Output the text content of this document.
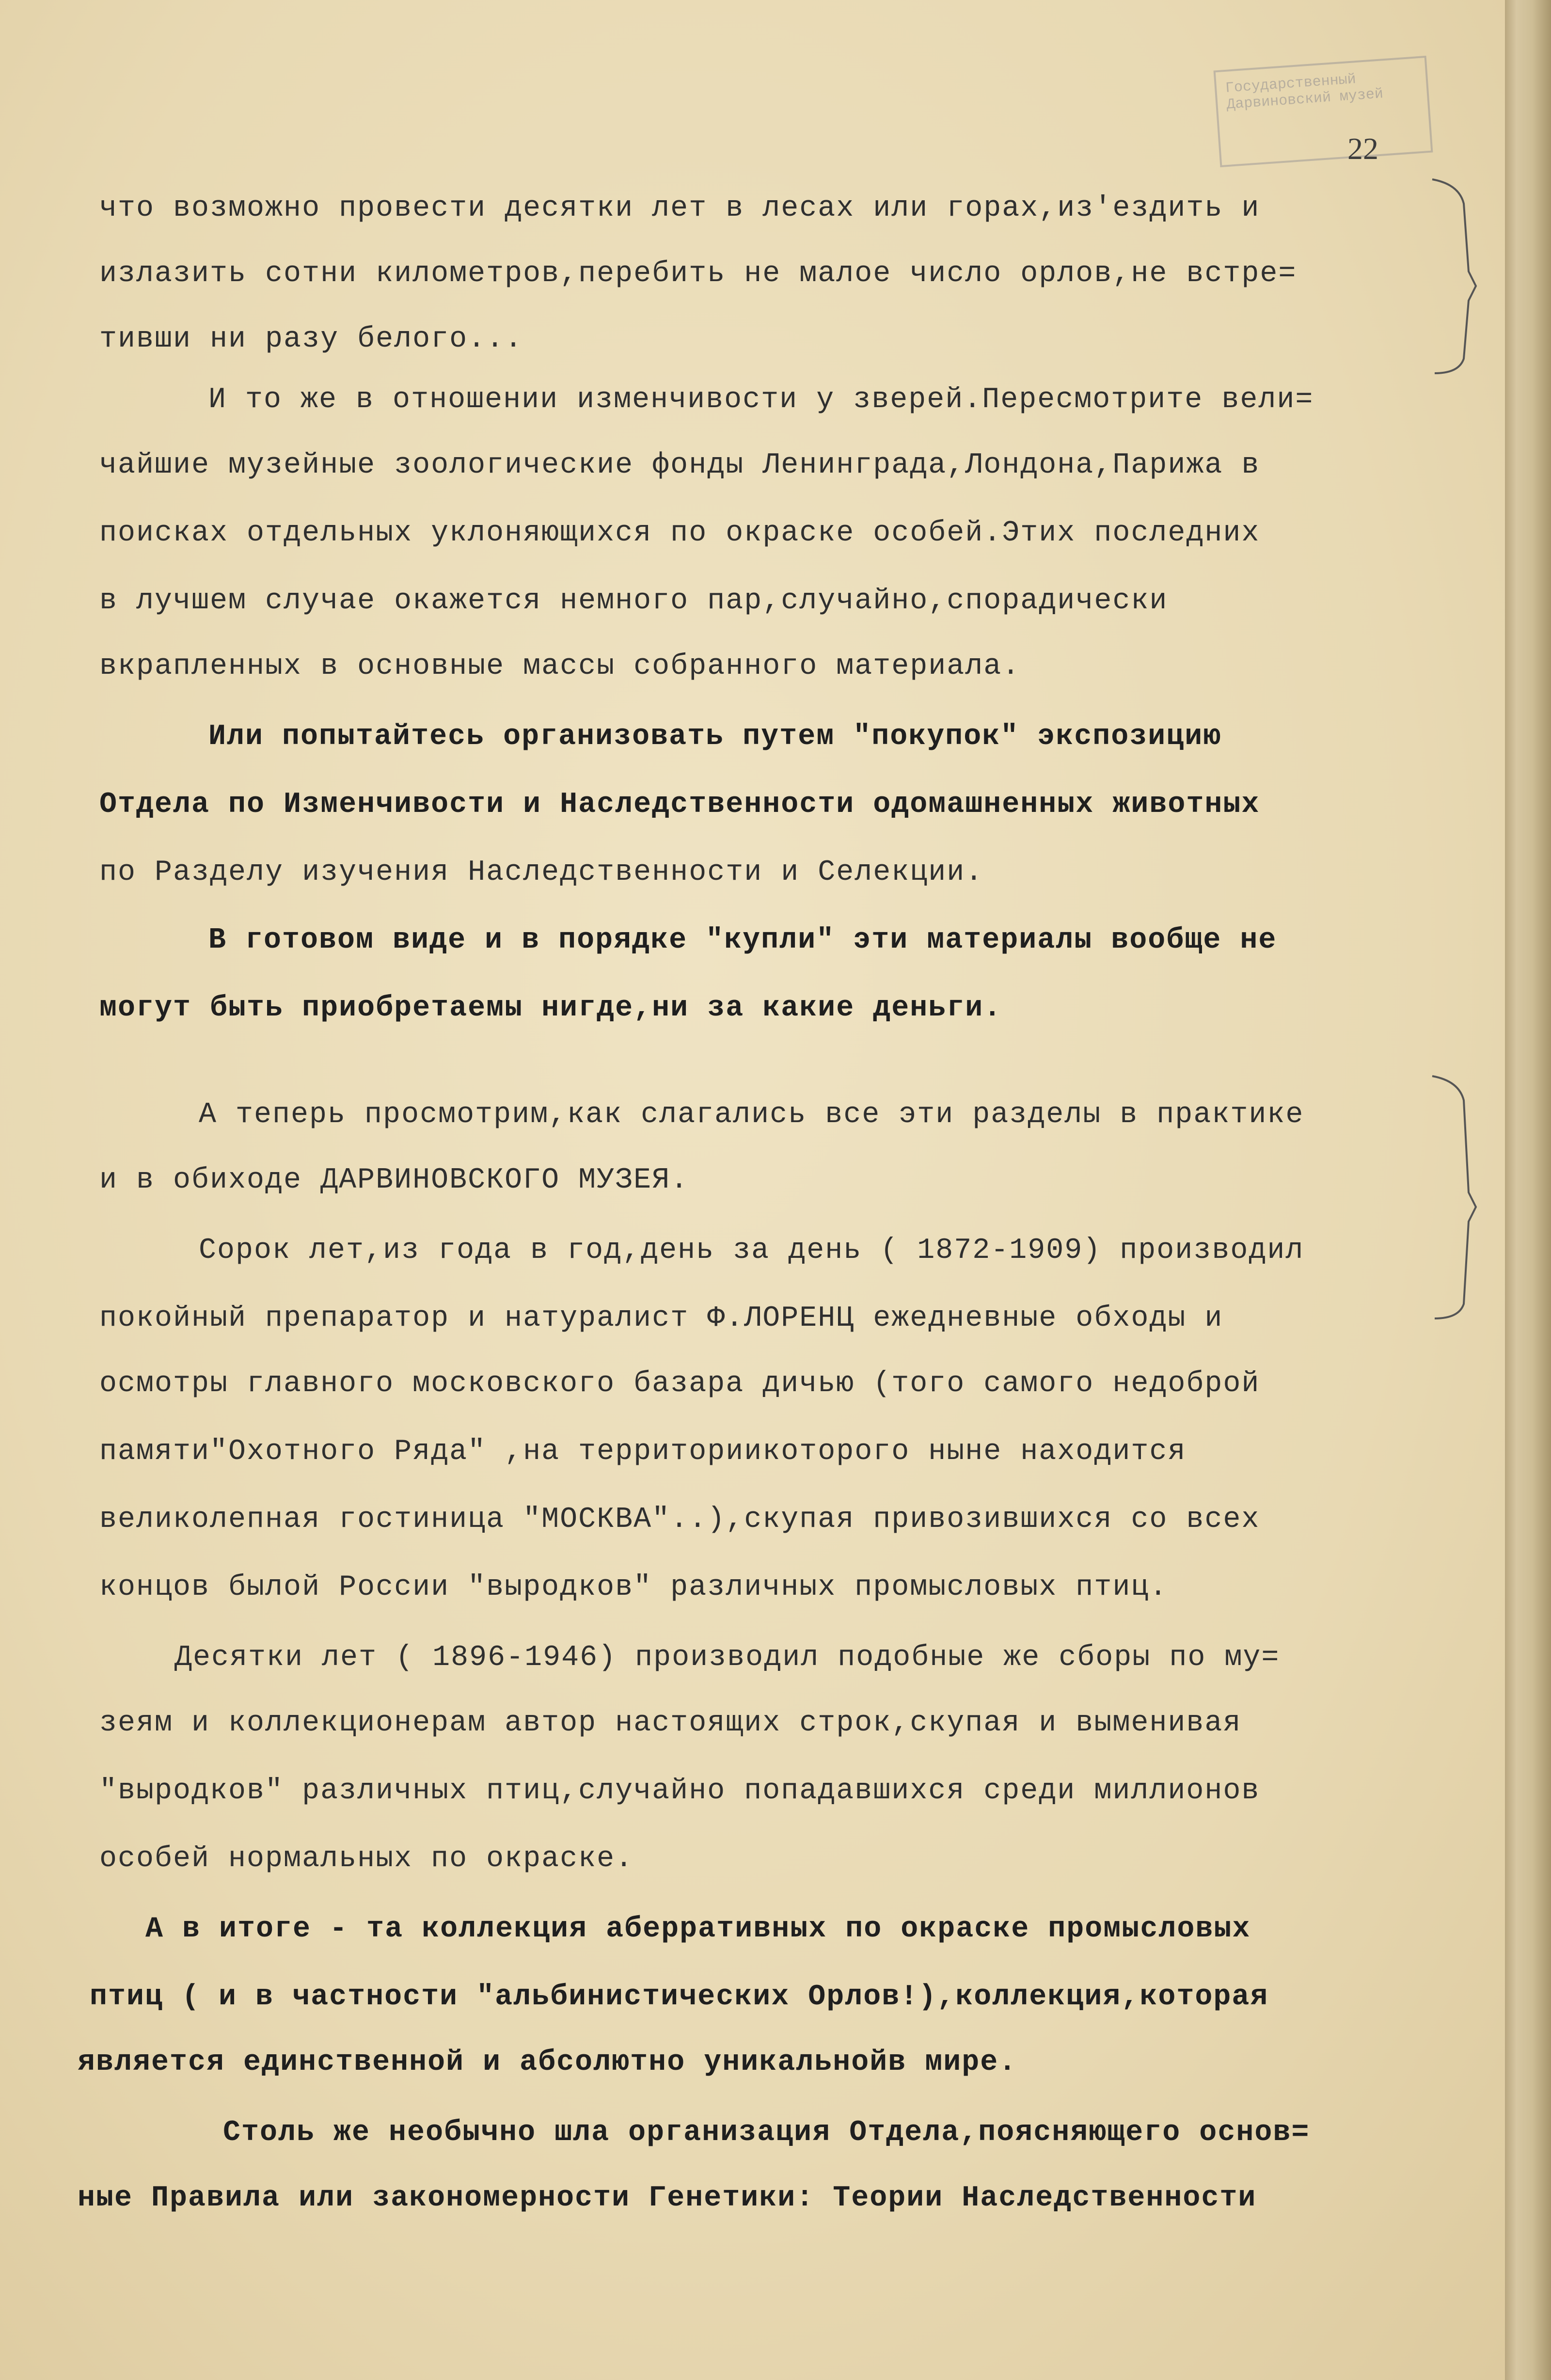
Государственный Дарвиновский музей
22
что возможно провести десятки лет в лесах или горах,из'ездить и
излазить сотни километров,перебить не малое число орлов,не встре=
тивши ни разу белого...
И то же в отношении изменчивости у зверей.Пересмотрите вели=
чайшие музейные зоологические фонды Ленинграда,Лондона,Парижа в
поисках отдельных уклоняющихся по окраске особей.Этих последних
в лучшем случае окажется немного пар,случайно,спорадически
вкрапленных в основные массы собранного материала.
Или попытайтесь организовать путем "покупок" экспозицию
Отдела по Изменчивости и Наследственности одомашненных животных
по Разделу изучения Наследственности и Селекции.
В готовом виде и в порядке "купли" эти материалы вообще не
могут быть приобретаемы нигде,ни за какие деньги.
А теперь просмотрим,как слагались все эти разделы в практике
и в обиходе ДАРВИНОВСКОГО МУЗЕЯ.
Сорок лет,из года в год,день за день ( 1872-1909) производил
покойный препаратор и натуралист Ф.ЛОРЕНЦ ежедневные обходы и
осмотры главного московского базара дичью (того самого недоброй
памяти"Охотного Ряда" ,на территориикоторого ныне находится
великолепная гостиница "МОСКВА"..),скупая привозившихся со всех
концов былой России "выродков" различных промысловых птиц.
Десятки лет ( 1896-1946) производил подобные же сборы по му=
зеям и коллекционерам автор настоящих строк,скупая и выменивая
"выродков" различных птиц,случайно попадавшихся среди миллионов
особей нормальных по окраске.
А в итоге - та коллекция аберративных по окраске промысловых
птиц ( и в частности "альбинистических Орлов!),коллекция,которая
является единственной и абсолютно уникальнойв мире.
Столь же необычно шла организация Отдела,поясняющего основ=
ные Правила или закономерности Генетики: Теории Наследственности
